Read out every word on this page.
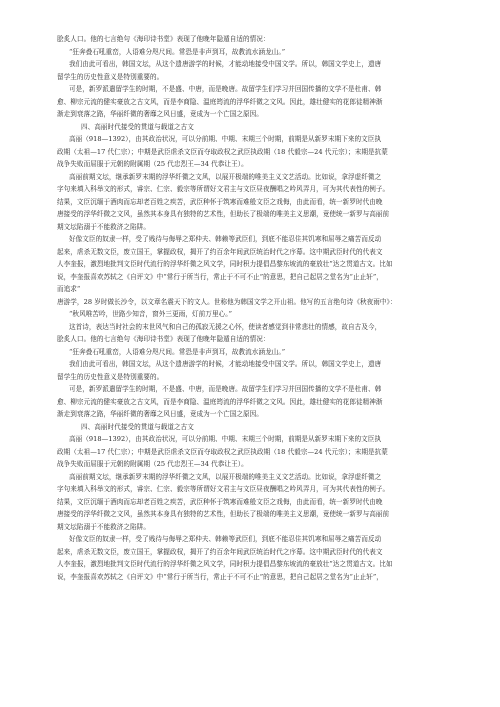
脍炙人口。他的七言绝句《海印诗书堂》表现了他晚年隐遁自适的情况：
“狂奔叠石吼重峦，人语难分咫尺间。常恐是非声到耳，故教流水涵龙山。”
我们由此可看出，韩国文坛，从这个遗唐游学的时候，才能动地接受中国文学。所以，韩国文学史上，遗唐
留学生的历史性意义是特别重要的。
可是，新罗派遣留学生的时期，不是盛、中唐，而是晚唐。故留学生们学习并回国传播的文学不是杜甫、韩
愈、柳宗元流的健实豪放之古文风，而是李商隐、温庭筠流的浮华纤微之文风。因此，雄壮健实的花郎徒精神渐
渐走到衰落之路，华丽纤微的奢靡之风日盛，竟成为一个亡国之原因。
四、高丽时代接受的贯道与载道之古文
高丽（918—1392），由其政治状况，可以分前期、中期、末期三个时期，前期是从新罗末期下来的文臣执
政期（太祖—17 代仁宗）；中期是武臣虐杀文臣而夺取政权之武臣执政期（18 代毅宗—24 代元宗）；末期是抗蒙
战争失败而屈服于元朝的附属期（25 代忠烈王—34 代恭让王）。
高丽前期文坛，继承新罗末期的浮华纤微之文风，以展开极端的唯美主义文艺活动。比如说，拿浮虚纤微之
字句来填入科举文的形式，睿宗、仁宗、毅宗等所谓好文君主与文臣昼夜酬唱之吟风弄月，可为其代表性的例子。
结果，文臣沉缅于酒肉而忘却老百姓之疾苦，武臣种怀于筑寒而难般文臣之戏侮，由此而看，统一新罗时代由晚
唐接受的浮华纤微之文风，虽然其本身具有独特的艺术性，但助长了极端的唯美主义思潮，竟使统一新罗与高丽前
期文坛陷溺于不能救济之陷阱。
好像文臣的奴隶一样，受了贱待与侮辱之郑仲夫、韩赖等武臣们，到底不能忍住其饥寒和屈辱之痛苦而反动
起来，虐杀无数文臣，废立国王，掌握政权，揭开了约百余年间武臣统治时代之序幕。这中期武臣时代的代表文
人李奎报，激烈地批判文臣时代流行的浮华纤微之风文学，同时积力提倡昌黎东坡流的豪放壮”达之贯道古文。比如
说，李奎报喜欢苏轼之《自评文》中“常行于所当行，常止于不可不止”的意思，把自己起居之堂名为“止止轩”，
而追求“
唐游学，28 岁时做长沙令，以文章名震天下的文人。世称他为韩国文学之开山祖。他写的五言绝句诗《秋夜雨中》：
“秋风唯苦吟，世路少知音，窗外三更雨，灯前万里心。”
这首诗，表达当时社会的末世风气和自己的孤寂无援之心怀，使读者感觉到非常悲壮的情感，故自古及今，
脍炙人口。他的七言绝句《海印诗书堂》表现了他晚年隐遁自适的情况：
“狂奔叠石吼重峦，人语难分咫尺间。常恐是非声到耳，故教流水涵龙山。”
我们由此可看出，韩国文坛，从这个遗唐游学的时候，才能动地接受中国文学。所以，韩国文学史上，遗唐
留学生的历史性意义是特别重要的。
可是，新罗派遣留学生的时期，不是盛、中唐，而是晚唐。故留学生们学习并回国传播的文学不是杜甫、韩
愈、柳宗元流的健实豪放之古文风，而是李商隐、温庭筠流的浮华纤微之文风。因此，雄壮健实的花郎徒精神渐
渐走到衰落之路，华丽纤微的奢靡之风日盛，竟成为一个亡国之原因。
四、高丽时代接受的贯道与载道之古文
高丽（918—1392），由其政治状况，可以分前期、中期、末期三个时期，前期是从新罗末期下来的文臣执
政期（太祖—17 代仁宗）；中期是武臣虐杀文臣而夺取政权之武臣执政期（18 代毅宗—24 代元宗）；末期是抗蒙
战争失败而屈服于元朝的附属期（25 代忠烈王—34 代恭让王）。
高丽前期文坛，继承新罗末期的浮华纤微之文风，以展开极端的唯美主义文艺活动。比如说，拿浮虚纤微之
字句来填入科举文的形式，睿宗、仁宗、毅宗等所谓好文君主与文臣昼夜酬唱之吟风弄月，可为其代表性的例子。
结果，文臣沉缅于酒肉而忘却老百姓之疾苦，武臣种怀于筑寒而难般文臣之戏侮，由此而看，统一新罗时代由晚
唐接受的浮华纤微之文风，虽然其本身具有独特的艺术性，但助长了极端的唯美主义思潮，竟使统一新罗与高丽前
期文坛陷溺于不能救济之陷阱。
好像文臣的奴隶一样，受了贱待与侮辱之郑仲夫、韩赖等武臣们，到底不能忍住其饥寒和屈辱之痛苦而反动
起来，虐杀无数文臣，废立国王，掌握政权，揭开了约百余年间武臣统治时代之序幕。这中期武臣时代的代表文
人李奎报，激烈地批判文臣时代流行的浮华纤微之风文学，同时积力提倡昌黎东坡流的豪放壮”达之贯道古文。比如
说，李奎报喜欢苏轼之《自评文》中“常行于所当行，常止于不可不止”的意思，把自己起居之堂名为“止止轩”，
